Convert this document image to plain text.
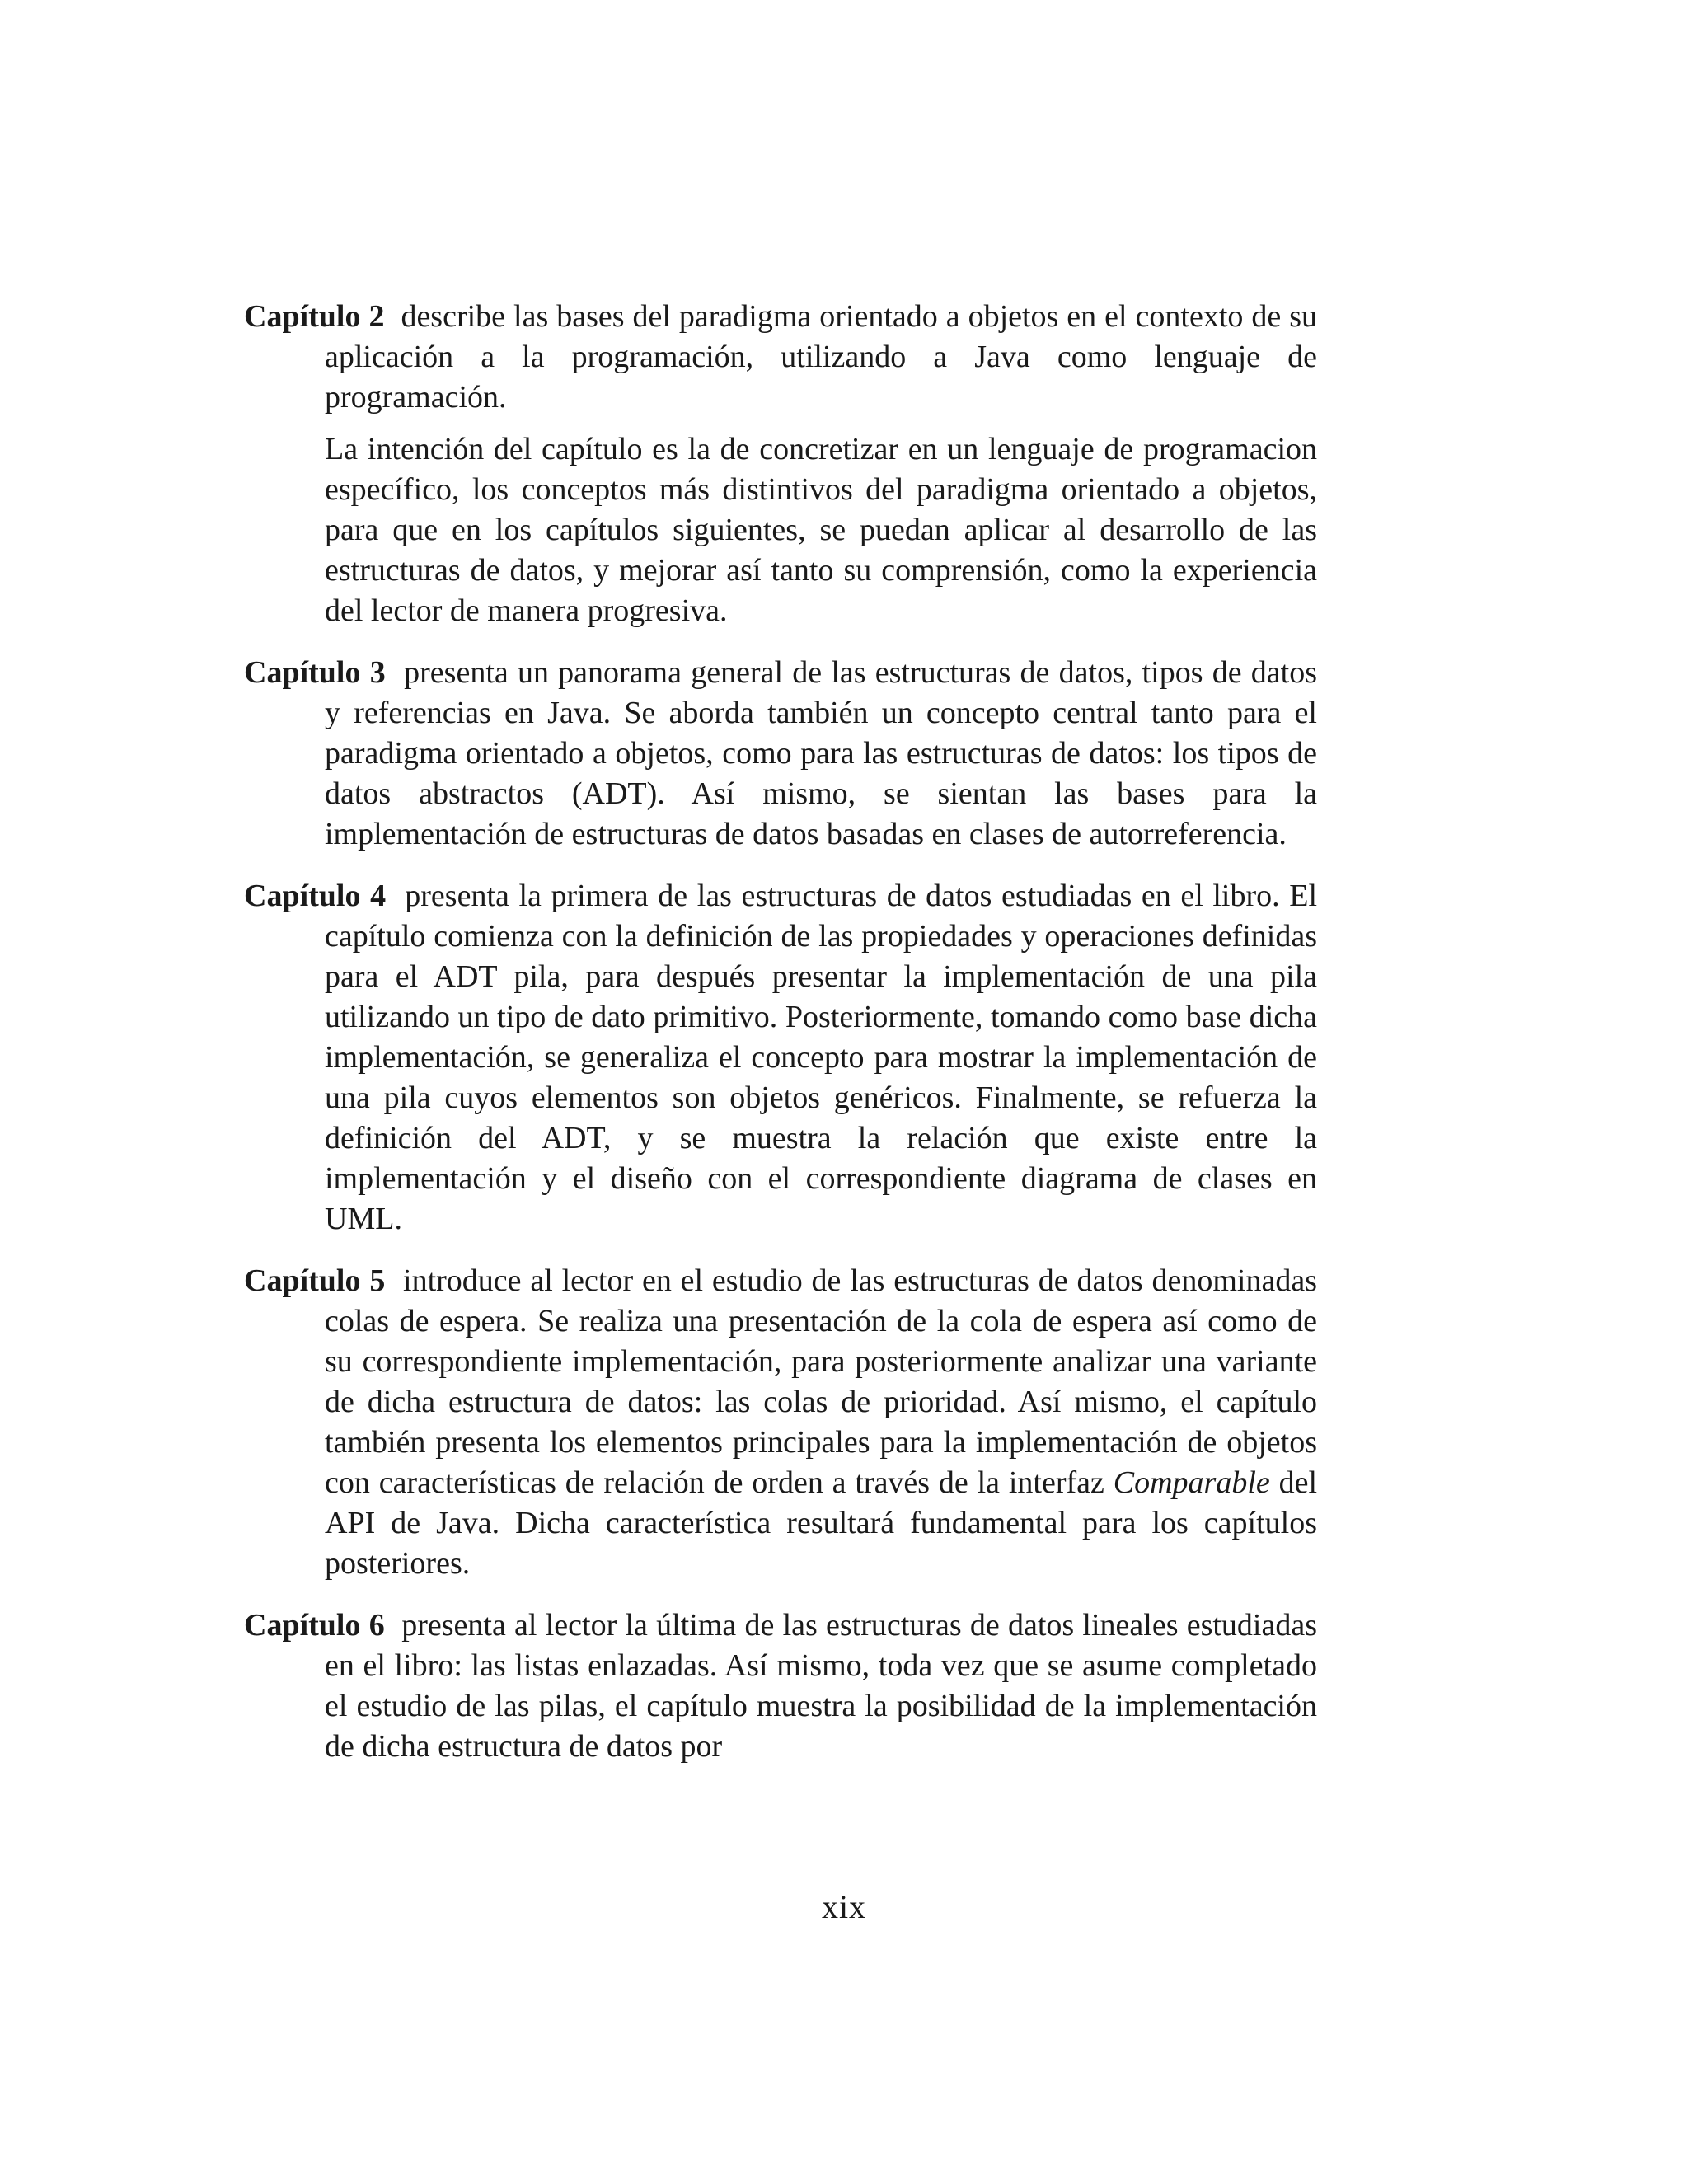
Capítulo 2 describe las bases del paradigma orientado a objetos en el contexto de su aplicación a la programación, utilizando a Java como lenguaje de programación.

La intención del capítulo es la de concretizar en un lenguaje de programacion específico, los conceptos más distintivos del paradigma orientado a objetos, para que en los capítulos siguientes, se puedan aplicar al desarrollo de las estructuras de datos, y mejorar así tanto su comprensión, como la experiencia del lector de manera progresiva.

Capítulo 3 presenta un panorama general de las estructuras de datos, tipos de datos y referencias en Java. Se aborda también un concepto central tanto para el paradigma orientado a objetos, como para las estructuras de datos: los tipos de datos abstractos (ADT). Así mismo, se sientan las bases para la implementación de estructuras de datos basadas en clases de autorreferencia.

Capítulo 4 presenta la primera de las estructuras de datos estudiadas en el libro. El capítulo comienza con la definición de las propiedades y operaciones definidas para el ADT pila, para después presentar la implementación de una pila utilizando un tipo de dato primitivo. Posteriormente, tomando como base dicha implementación, se generaliza el concepto para mostrar la implementación de una pila cuyos elementos son objetos genéricos. Finalmente, se refuerza la definición del ADT, y se muestra la relación que existe entre la implementación y el diseño con el correspondiente diagrama de clases en UML.

Capítulo 5 introduce al lector en el estudio de las estructuras de datos denominadas colas de espera. Se realiza una presentación de la cola de espera así como de su correspondiente implementación, para posteriormente analizar una variante de dicha estructura de datos: las colas de prioridad. Así mismo, el capítulo también presenta los elementos principales para la implementación de objetos con características de relación de orden a través de la interfaz Comparable del API de Java. Dicha característica resultará fundamental para los capítulos posteriores.

Capítulo 6 presenta al lector la última de las estructuras de datos lineales estudiadas en el libro: las listas enlazadas. Así mismo, toda vez que se asume completado el estudio de las pilas, el capítulo muestra la posibilidad de la implementación de dicha estructura de datos por

xix
